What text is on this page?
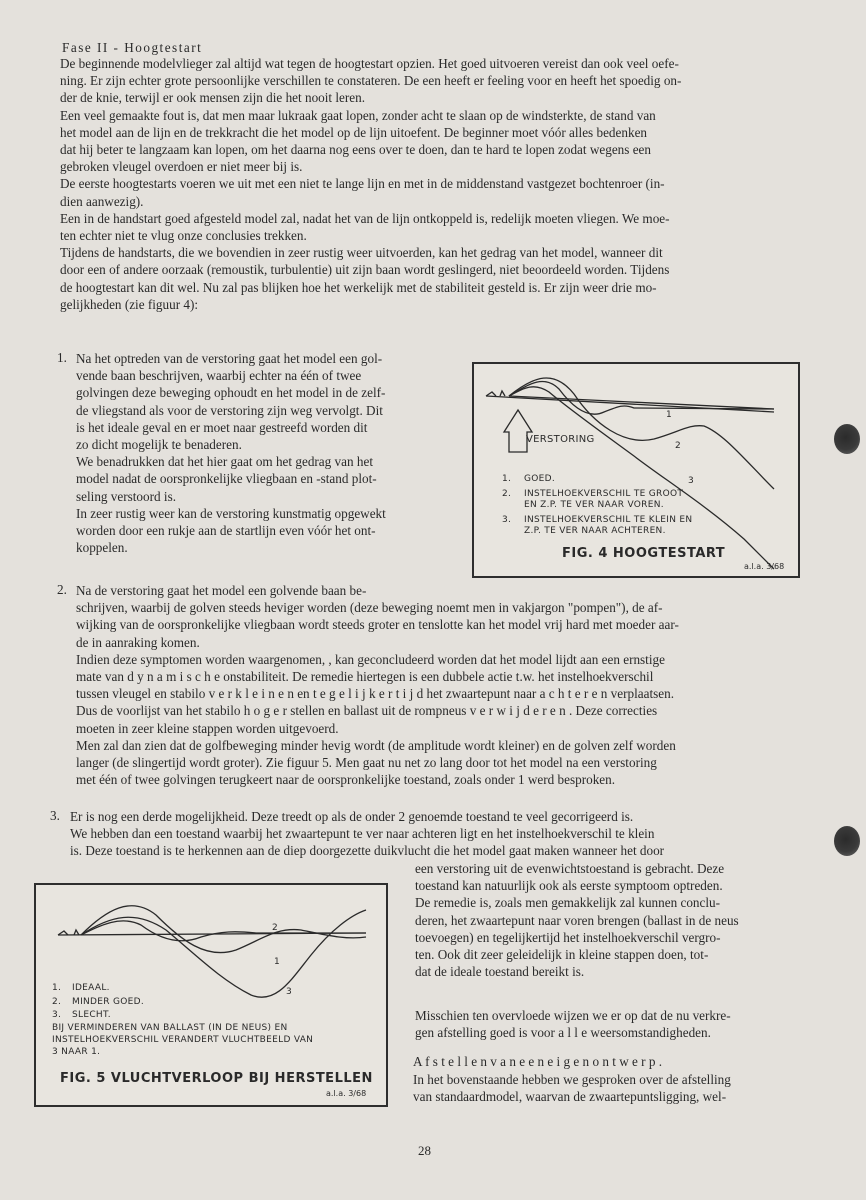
Fase II - Hoogtestart
De beginnende modelvlieger zal altijd wat tegen de hoogtestart opzien. Het goed uitvoeren vereist dan ook veel oefe-
ning. Er zijn echter grote persoonlijke verschillen te constateren. De een heeft er feeling voor en heeft het spoedig on-
der de knie, terwijl er ook mensen zijn die het nooit leren.
Een veel gemaakte fout is, dat men maar lukraak gaat lopen, zonder acht te slaan op de windsterkte, de stand van
het model aan de lijn en de trekkracht die het model op de lijn uitoefent. De beginner moet vóór alles bedenken
dat hij beter te langzaam kan lopen, om het daarna nog eens over te doen, dan te hard te lopen zodat wegens een
gebroken vleugel overdoen er niet meer bij is.
De eerste hoogtestarts voeren we uit met een niet te lange lijn en met in de middenstand vastgezet bochtenroer (in-
dien aanwezig).
Een in de handstart goed afgesteld model zal, nadat het van de lijn ontkoppeld is, redelijk moeten vliegen. We moe-
ten echter niet te vlug onze conclusies trekken.
Tijdens de handstarts, die we bovendien in zeer rustig weer uitvoerden, kan het gedrag van het model, wanneer dit
door een of andere oorzaak (remoustik, turbulentie) uit zijn baan wordt geslingerd, niet beoordeeld worden. Tijdens
de hoogtestart kan dit wel. Nu zal pas blijken hoe het werkelijk met de stabiliteit gesteld is. Er zijn weer drie mo-
gelijkheden (zie figuur 4):
1. Na het optreden van de verstoring gaat het model een gol-
vende baan beschrijven, waarbij echter na één of twee
golvingen deze beweging ophoudt en het model in de zelf-
de vliegstand als voor de verstoring zijn weg vervolgt. Dit
is het ideale geval en er moet naar gestreefd worden dit
zo dicht mogelijk te benaderen.
We benadrukken dat het hier gaat om het gedrag van het
model nadat de oorspronkelijke vliegbaan en -stand plot-
seling verstoord is.
In zeer rustig weer kan de verstoring kunstmatig opgewekt
worden door een rukje aan de startlijn even vóór het ont-
koppelen.
VERSTORING
1
2
3
1. GOED.
2. INSTELHOEKVERSCHIL TE GROOT
EN Z.P. TE VER NAAR VOREN.
3. INSTELHOEKVERSCHIL TE KLEIN EN
Z.P. TE VER NAAR ACHTEREN.
FIG. 4 HOOGTESTART
a.l.a. 3/68
2. Na de verstoring gaat het model een golvende baan be-
schrijven, waarbij de golven steeds heviger worden (deze beweging noemt men in vakjargon "pompen"), de af-
wijking van de oorspronkelijke vliegbaan wordt steeds groter en tenslotte kan het model vrij hard met moeder aar-
de in aanraking komen.
Indien deze symptomen worden waargenomen, , kan geconcludeerd worden dat het model lijdt aan een ernstige
mate van d y n a m i s c h e onstabiliteit. De remedie hiertegen is een dubbele actie t.w. het instelhoekverschil
tussen vleugel en stabilo v e r k l e i n e n en t e g e l i j k e r t i j d het zwaartepunt naar a c h t e r e n verplaatsen.
Dus de voorlijst van het stabilo h o g e r stellen en ballast uit de rompneus v e r w i j d e r e n . Deze correcties
moeten in zeer kleine stappen worden uitgevoerd.
Men zal dan zien dat de golfbeweging minder hevig wordt (de amplitude wordt kleiner) en de golven zelf worden
langer (de slingertijd wordt groter). Zie figuur 5. Men gaat nu net zo lang door tot het model na een verstoring
met één of twee golvingen terugkeert naar de oorspronkelijke toestand, zoals onder 1 werd besproken.
3. Er is nog een derde mogelijkheid. Deze treedt op als de onder 2 genoemde toestand te veel gecorrigeerd is.
We hebben dan een toestand waarbij het zwaartepunt te ver naar achteren ligt en het instelhoekverschil te klein
is. Deze toestand is te herkennen aan de diep doorgezette duikvlucht die het model gaat maken wanneer het door
een verstoring uit de evenwichtstoestand is gebracht. Deze
toestand kan natuurlijk ook als eerste symptoom optreden.
De remedie is, zoals men gemakkelijk zal kunnen conclu-
deren, het zwaartepunt naar voren brengen (ballast in de neus
toevoegen) en tegelijkertijd het instelhoekverschil vergro-
ten. Ook dit zeer geleidelijk in kleine stappen doen, tot-
dat de ideale toestand bereikt is.
Misschien ten overvloede wijzen we er op dat de nu verkre-
gen afstelling goed is voor a l l e weersomstandigheden.
A f s t e l l e n v a n e e n e i g e n o n t w e r p .
In het bovenstaande hebben we gesproken over de afstelling
van standaardmodel, waarvan de zwaartepuntsligging, wel-
2
1
3
1. IDEAAL.
2. MINDER GOED.
3. SLECHT.
BIJ VERMINDEREN VAN BALLAST (IN DE NEUS) EN
INSTELHOEKVERSCHIL VERANDERT VLUCHTBEELD VAN
3 NAAR 1.
FIG. 5 VLUCHTVERLOOP BIJ HERSTELLEN
a.l.a. 3/68
28
